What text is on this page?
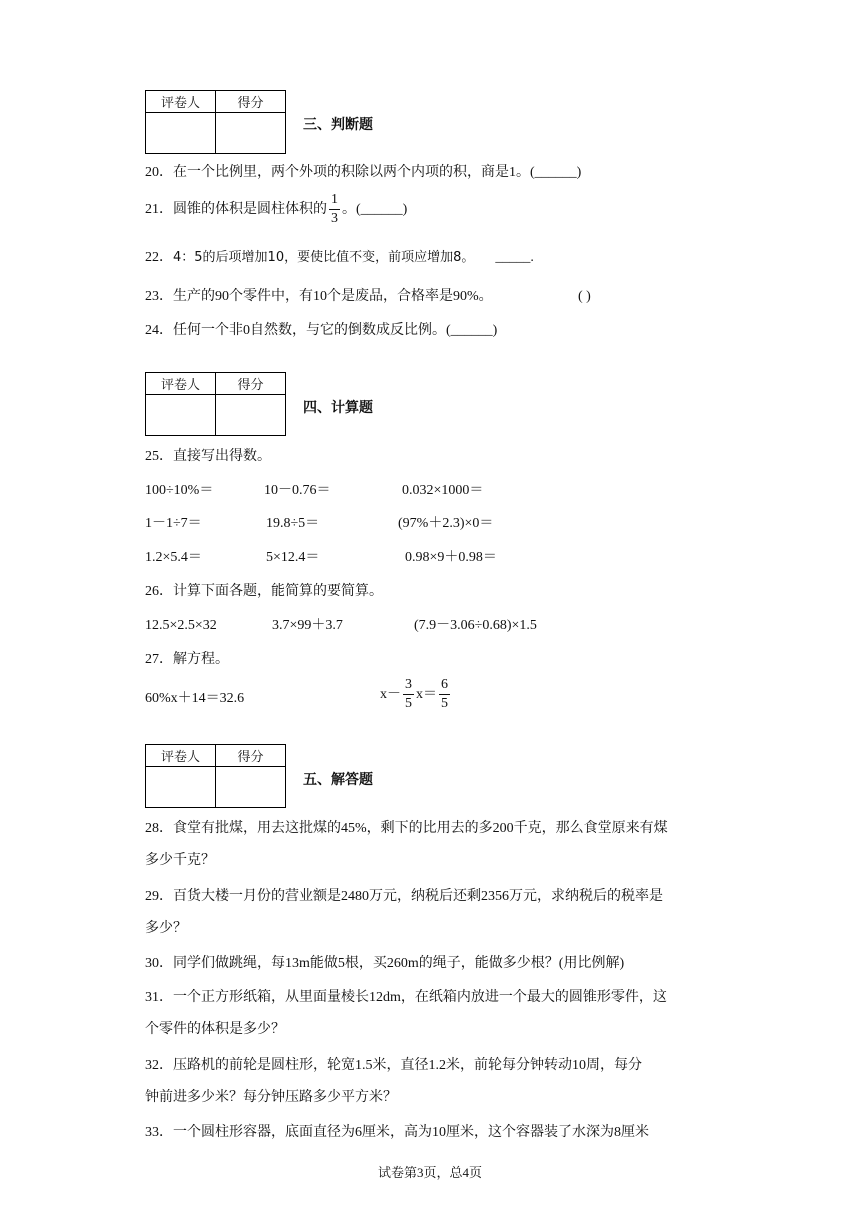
评卷人	得分

三、判断题
20．在一个比例里，两个外项的积除以两个内项的积，商是1。(______)
21．圆锥的体积是圆柱体积的 $\frac{1}{3}$ 。(______)
22．4：5的后项增加10，要使比值不变，前项应增加8。 _____.
23．生产的90个零件中，有10个是废品，合格率是90%。	( )
24．任何一个非0自然数，与它的倒数成反比例。(______)
评卷人	得分

四、计算题
25．直接写出得数。
100÷10%＝	10－0.76＝	0.032×1000＝
1－1÷7＝	19.8÷5＝	(97%＋2.3)×0＝
1.2×5.4＝	5×12.4＝	0.98×9＋0.98＝
26．计算下面各题，能简算的要简算。
12.5×2.5×32	3.7×99＋3.7	(7.9－3.06÷0.68)×1.5
27．解方程。
60%x＋14＝32.6	$x- \frac{3}{5} x= \frac{6}{5}$
评卷人	得分

五、解答题
28．食堂有批煤，用去这批煤的45%，剩下的比用去的多200千克，那么食堂原来有煤
多少千克？
29．百货大楼一月份的营业额是2480万元，纳税后还剩2356万元，求纳税后的税率是
多少？
30．同学们做跳绳，每13m能做5根，买260m的绳子，能做多少根？(用比例解)
31．一个正方形纸箱，从里面量棱长12dm，在纸箱内放进一个最大的圆锥形零件，这
个零件的体积是多少？
32．压路机的前轮是圆柱形，轮宽1.5米，直径1.2米，前轮每分钟转动10周，每分
钟前进多少米？每分钟压路多少平方米？
33．一个圆柱形容器，底面直径为6厘米，高为10厘米，这个容器装了水深为8厘米
试卷第3页，总4页
